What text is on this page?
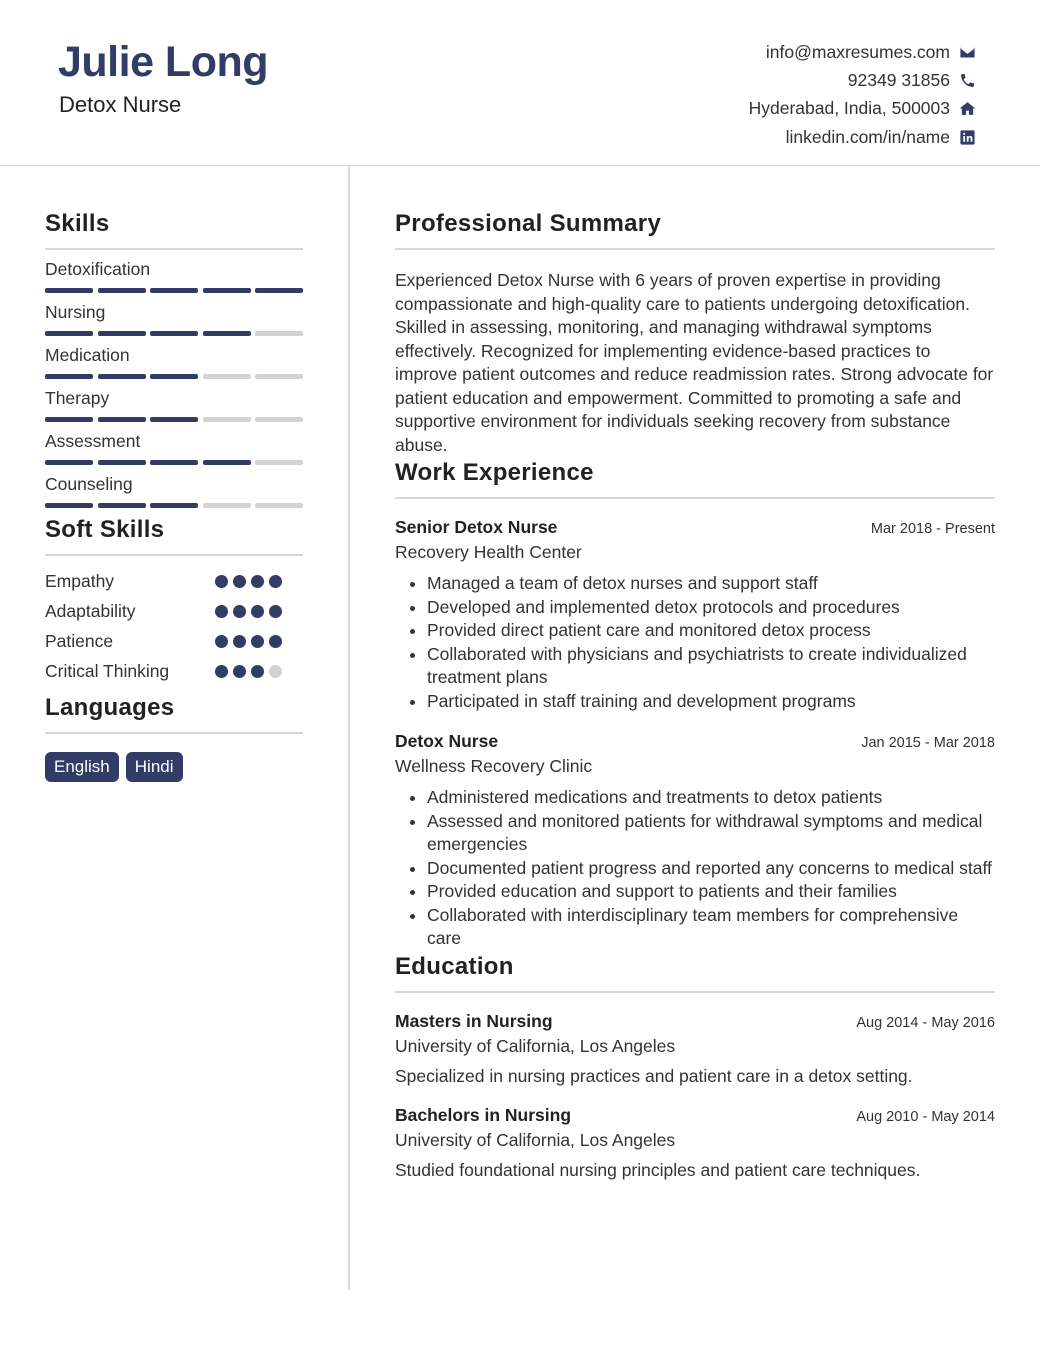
Julie Long
Detox Nurse
info@maxresumes.com
92349 31856
Hyderabad, India, 500003
linkedin.com/in/name
Skills
Detoxification
Nursing
Medication
Therapy
Assessment
Counseling
Soft Skills
Empathy
Adaptability
Patience
Critical Thinking
Languages
English	Hindi
Professional Summary
Experienced Detox Nurse with 6 years of proven expertise in providing compassionate and high-quality care to patients undergoing detoxification. Skilled in assessing, monitoring, and managing withdrawal symptoms effectively. Recognized for implementing evidence-based practices to improve patient outcomes and reduce readmission rates. Strong advocate for patient education and empowerment. Committed to promoting a safe and supportive environment for individuals seeking recovery from substance abuse.
Work Experience
Senior Detox Nurse	Mar 2018 - Present
Recovery Health Center
• Managed a team of detox nurses and support staff
• Developed and implemented detox protocols and procedures
• Provided direct patient care and monitored detox process
• Collaborated with physicians and psychiatrists to create individualized treatment plans
• Participated in staff training and development programs
Detox Nurse	Jan 2015 - Mar 2018
Wellness Recovery Clinic
• Administered medications and treatments to detox patients
• Assessed and monitored patients for withdrawal symptoms and medical emergencies
• Documented patient progress and reported any concerns to medical staff
• Provided education and support to patients and their families
• Collaborated with interdisciplinary team members for comprehensive care
Education
Masters in Nursing	Aug 2014 - May 2016
University of California, Los Angeles
Specialized in nursing practices and patient care in a detox setting.
Bachelors in Nursing	Aug 2010 - May 2014
University of California, Los Angeles
Studied foundational nursing principles and patient care techniques.
